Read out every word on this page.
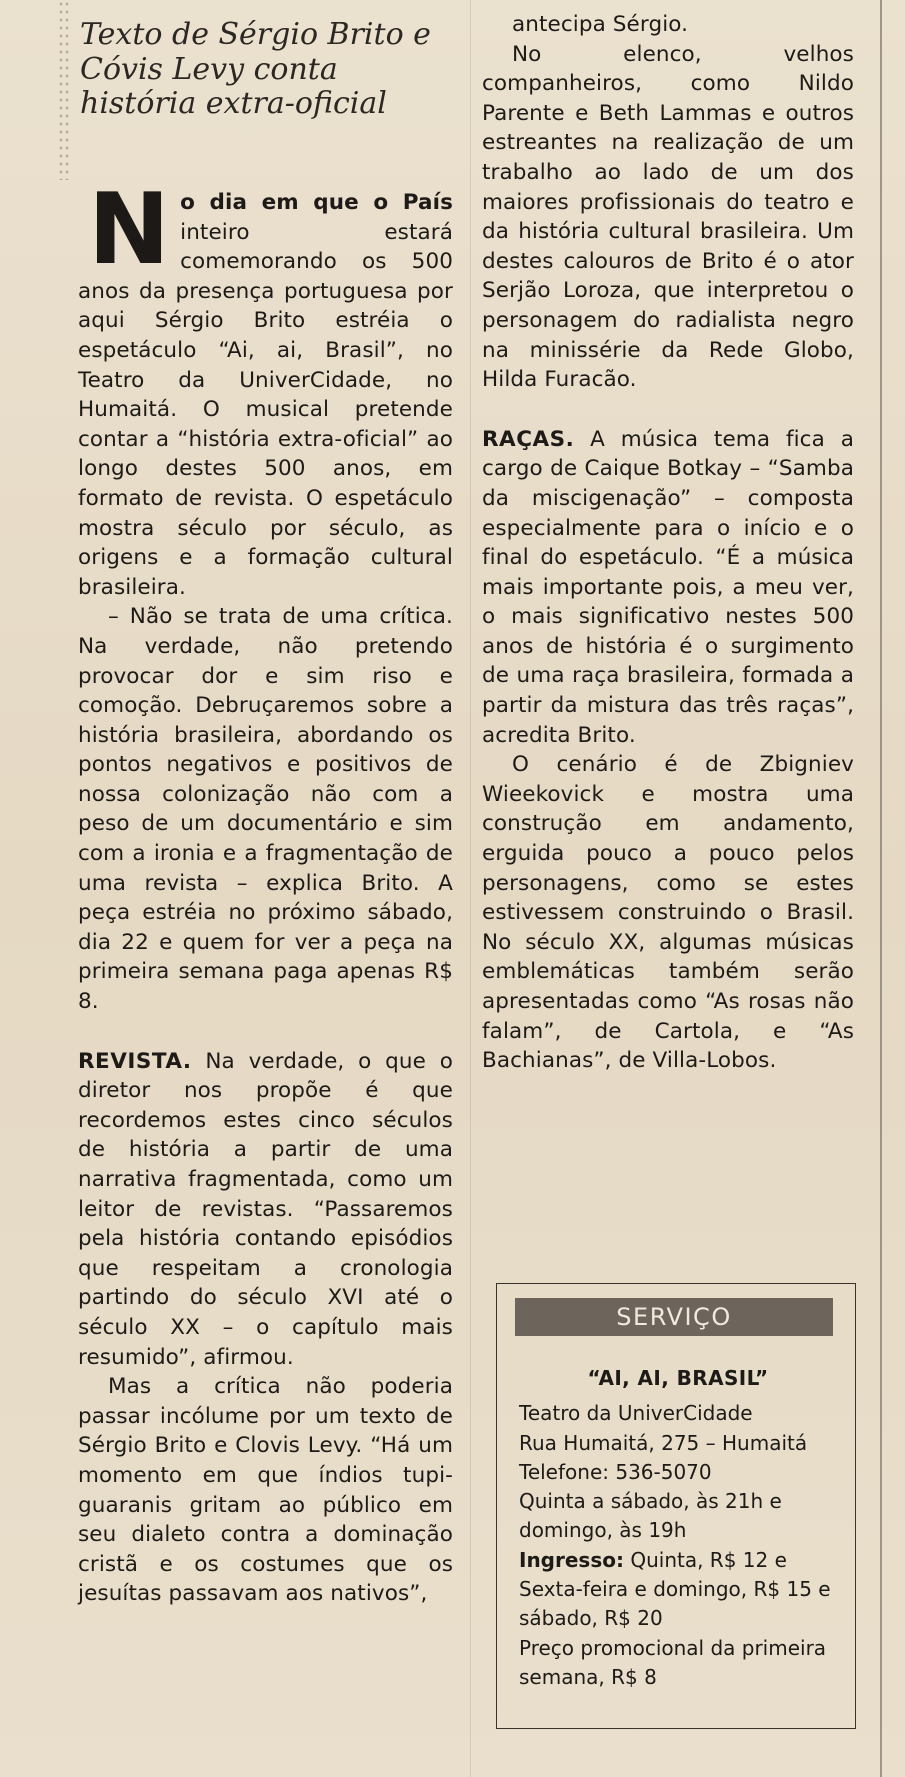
Texto de Sérgio Brito e Cóvis Levy conta história extra-oficial

No dia em que o País inteiro estará comemorando os 500 anos da presença portuguesa por aqui Sérgio Brito estréia o espetáculo “Ai, ai, Brasil”, no Teatro da UniverCidade, no Humaitá. O musical pretende contar a “história extra-oficial” ao longo destes 500 anos, em formato de revista. O espetáculo mostra século por século, as origens e a formação cultural brasileira.

– Não se trata de uma crítica. Na verdade, não pretendo provocar dor e sim riso e comoção. Debruçaremos sobre a história brasileira, abordando os pontos negativos e positivos de nossa colonização não com a peso de um documentário e sim com a ironia e a fragmentação de uma revista – explica Brito. A peça estréia no próximo sábado, dia 22 e quem for ver a peça na primeira semana paga apenas R$ 8.

REVISTA. Na verdade, o que o diretor nos propõe é que recordemos estes cinco séculos de história a partir de uma narrativa fragmentada, como um leitor de revistas. “Passaremos pela história contando episódios que respeitam a cronologia partindo do século XVI até o século XX – o capítulo mais resumido”, afirmou.

Mas a crítica não poderia passar incólume por um texto de Sérgio Brito e Clovis Levy. “Há um momento em que índios tupi-guaranis gritam ao público em seu dialeto contra a dominação cristã e os costumes que os jesuítas passavam aos nativos”,

antecipa Sérgio.

No elenco, velhos companheiros, como Nildo Parente e Beth Lammas e outros estreantes na realização de um trabalho ao lado de um dos maiores profissionais do teatro e da história cultural brasileira. Um destes calouros de Brito é o ator Serjão Loroza, que interpretou o personagem do radialista negro na minissérie da Rede Globo, Hilda Furacão.

RAÇAS. A música tema fica a cargo de Caique Botkay – “Samba da miscigenação” – composta especialmente para o início e o final do espetáculo. “É a música mais importante pois, a meu ver, o mais significativo nestes 500 anos de história é o surgimento de uma raça brasileira, formada a partir da mistura das três raças”, acredita Brito.

O cenário é de Zbigniev Wieekovick e mostra uma construção em andamento, erguida pouco a pouco pelos personagens, como se estes estivessem construindo o Brasil. No século XX, algumas músicas emblemáticas também serão apresentadas como “As rosas não falam”, de Cartola, e “As Bachianas”, de Villa-Lobos.

SERVIÇO
“AI, AI, BRASIL”

Teatro da UniverCidade

Rua Humaitá, 275 – Humaitá

Telefone: 536-5070

Quinta a sábado, às 21h e domingo, às 19h

Ingresso: Quinta, R$ 12 e Sexta-feira e domingo, R$ 15 e sábado, R$ 20

Preço promocional da primeira semana, R$ 8
